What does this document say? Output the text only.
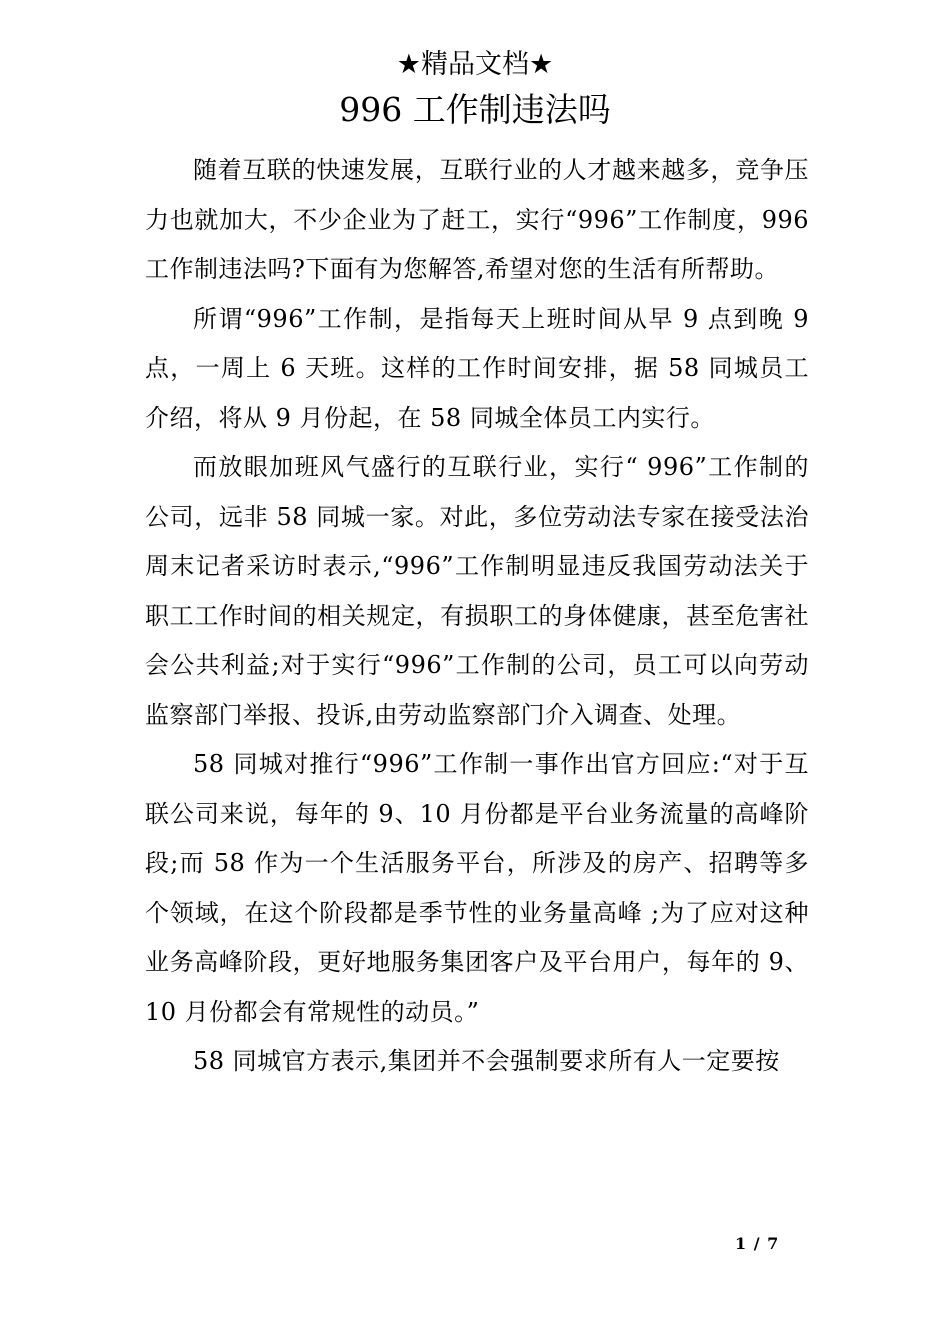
★精品文档★
996 工作制违法吗

随着互联的快速发展，互联行业的人才越来越多，竞争压力也就加大，不少企业为了赶工，实行“996”工作制度，996 工作制违法吗?下面有为您解答,希望对您的生活有所帮助。

所谓“996”工作制，是指每天上班时间从早 9 点到晚 9 点，一周上 6 天班。这样的工作时间安排，据 58 同城员工介绍，将从 9 月份起，在 58 同城全体员工内实行。

而放眼加班风气盛行的互联行业，实行“ 996”工作制的公司，远非 58 同城一家。对此，多位劳动法专家在接受法治周末记者采访时表示,“996”工作制明显违反我国劳动法关于职工工作时间的相关规定，有损职工的身体健康，甚至危害社会公共利益;对于实行“996”工作制的公司，员工可以向劳动监察部门举报、投诉,由劳动监察部门介入调查、处理。

58 同城对推行“996”工作制一事作出官方回应:“对于互联公司来说，每年的 9、10 月份都是平台业务流量的高峰阶段;而 58 作为一个生活服务平台，所涉及的房产、招聘等多个领域，在这个阶段都是季节性的业务量高峰 ;为了应对这种业务高峰阶段，更好地服务集团客户及平台用户，每年的 9、10 月份都会有常规性的动员。”

58 同城官方表示,集团并不会强制要求所有人一定要按

1 / 7
